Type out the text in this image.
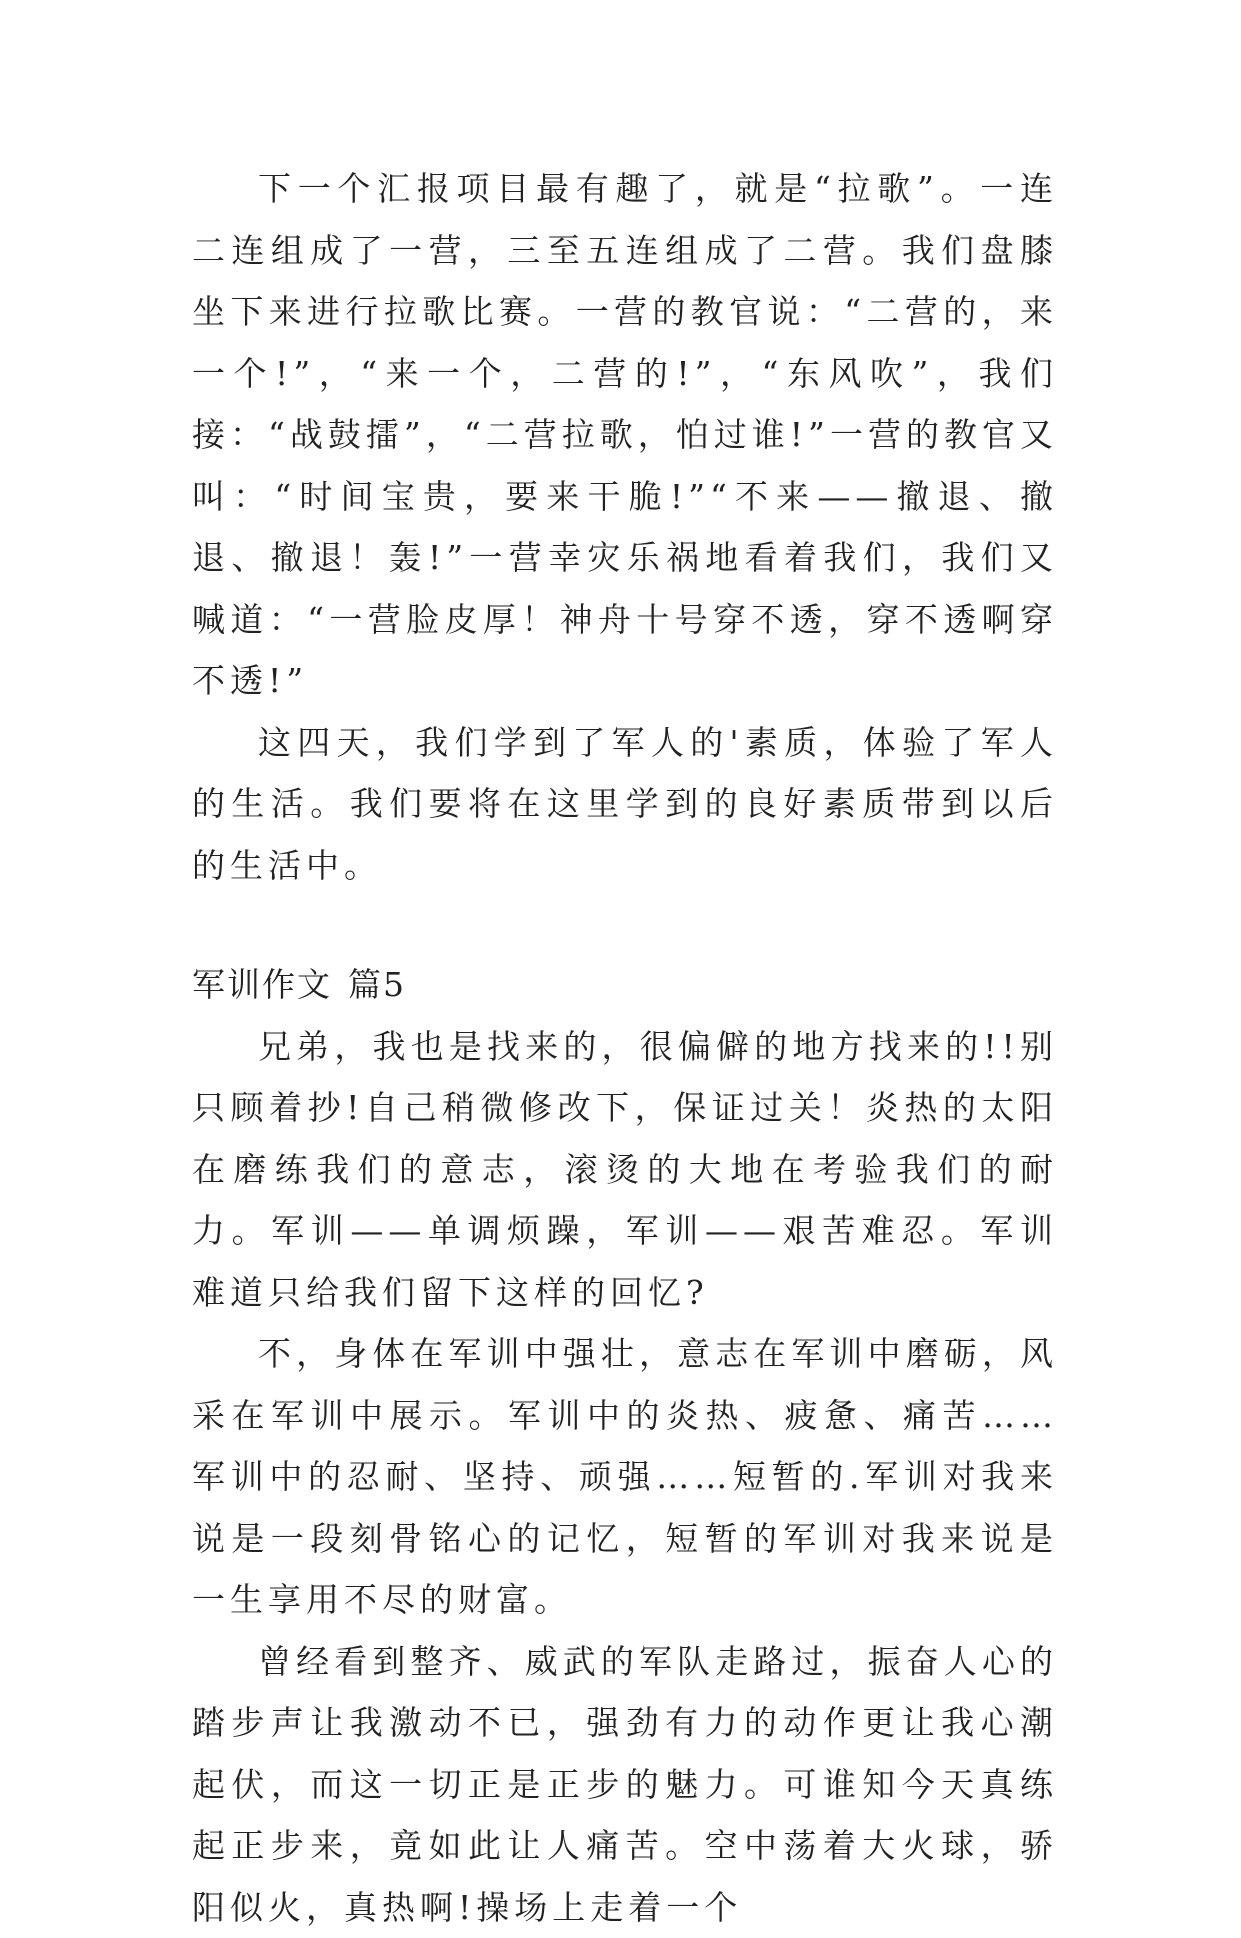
下一个汇报项目最有趣了，就是“拉歌”。一连二连组成了一营，三至五连组成了二营。我们盘膝坐下来进行拉歌比赛。一营的教官说：“二营的，来一个!”，“来一个，二营的!”，“东风吹”，我们接：“战鼓擂”，“二营拉歌，怕过谁!”一营的教官又叫：“时间宝贵，要来干脆!”“不来——撤退、撤退、撤退！轰!”一营幸灾乐祸地看着我们，我们又喊道：“一营脸皮厚！神舟十号穿不透，穿不透啊穿不透!”

这四天，我们学到了军人的'素质，体验了军人的生活。我们要将在这里学到的良好素质带到以后的生活中。

军训作文 篇5

兄弟，我也是找来的，很偏僻的地方找来的!!别只顾着抄!自己稍微修改下，保证过关！炎热的太阳在磨练我们的意志，滚烫的大地在考验我们的耐力。军训——单调烦躁，军训——艰苦难忍。军训难道只给我们留下这样的回忆?

不，身体在军训中强壮，意志在军训中磨砺，风采在军训中展示。军训中的炎热、疲惫、痛苦……军训中的忍耐、坚持、顽强……短暂的.军训对我来说是一段刻骨铭心的记忆，短暂的军训对我来说是一生享用不尽的财富。

曾经看到整齐、威武的军队走路过，振奋人心的踏步声让我激动不已，强劲有力的动作更让我心潮起伏，而这一切正是正步的魅力。可谁知今天真练起正步来，竟如此让人痛苦。空中荡着大火球，骄阳似火，真热啊!操场上走着一个
